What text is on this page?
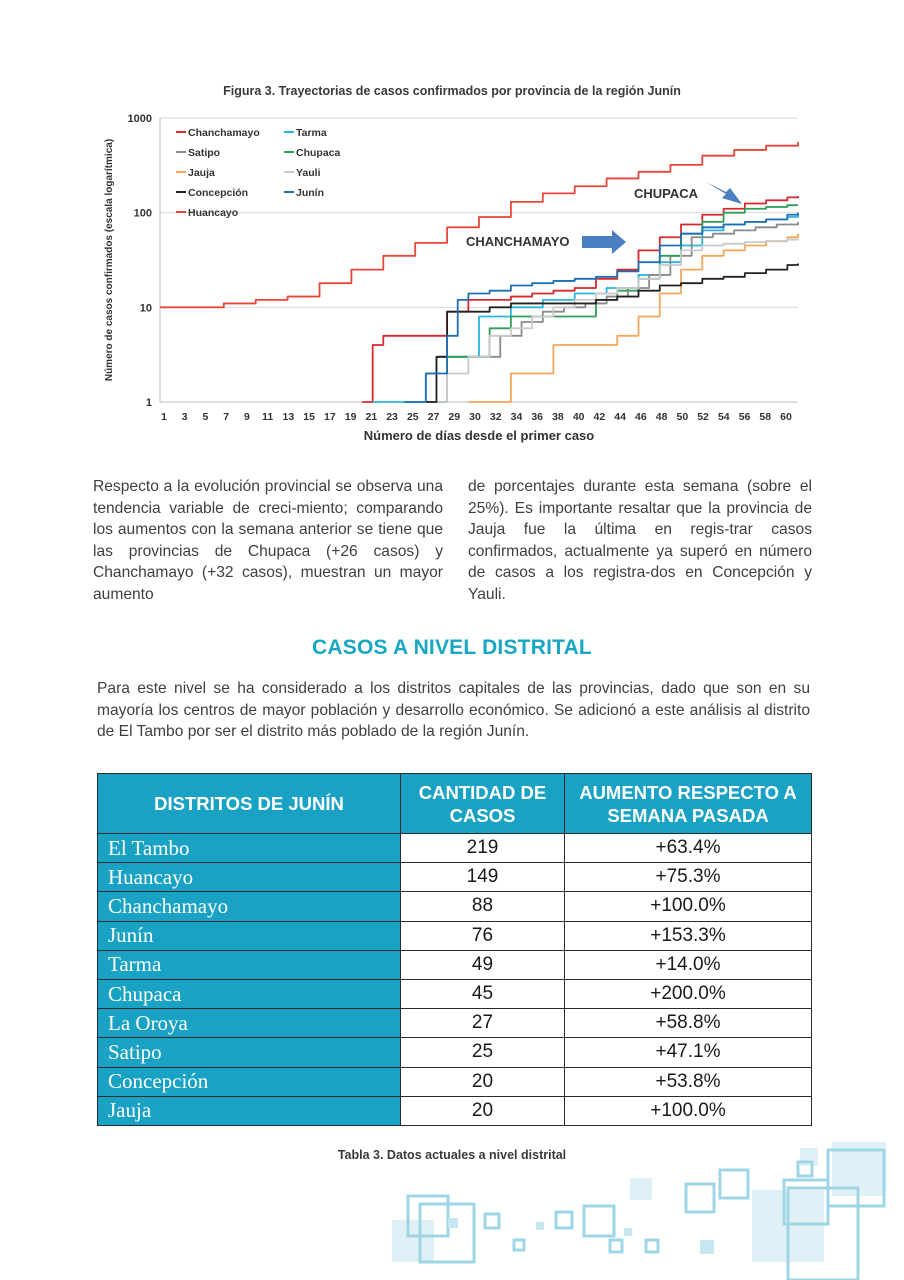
Figura 3. Trayectorias de casos confirmados por provincia de la región Junín
1
10
100
1000
1 3 5 7 9 11 13 15 17 19 21 23 25 27 29 30 32 34 36 38 40 42 44 46 48 50 52 54 56 58 60
Número de días desde el primer caso
Número de casos confirmados (escala logarítmica)
Chanchamayo	Tarma
Satipo	Chupaca
Jauja	Yauli
Concepción	Junín
Huancayo
CHUPACA
CHANCHAMAYO
Respecto a la evolución provincial se observa una tendencia variable de creci-miento; comparando los aumentos con la semana anterior se tiene que las provincias de Chupaca (+26 casos) y Chanchamayo (+32 casos), muestran un mayor aumento
de porcentajes durante esta semana (sobre el 25%). Es importante resaltar que la provincia de Jauja fue la última en regis-trar casos confirmados, actualmente ya superó en número de casos a los registra-dos en Concepción y Yauli.
CASOS A NIVEL DISTRITAL
Para este nivel se ha considerado a los distritos capitales de las provincias, dado que son en su mayoría los centros de mayor población y desarrollo económico. Se adicionó a este análisis al distrito de El Tambo por ser el distrito más poblado de la región Junín.
DISTRITOS DE JUNÍN	CANTIDAD DE CASOS	AUMENTO RESPECTO A SEMANA PASADA
El Tambo	219	+63.4%
Huancayo	149	+75.3%
Chanchamayo	88	+100.0%
Junín	76	+153.3%
Tarma	49	+14.0%
Chupaca	45	+200.0%
La Oroya	27	+58.8%
Satipo	25	+47.1%
Concepción	20	+53.8%
Jauja	20	+100.0%
Tabla 3. Datos actuales a nivel distrital
